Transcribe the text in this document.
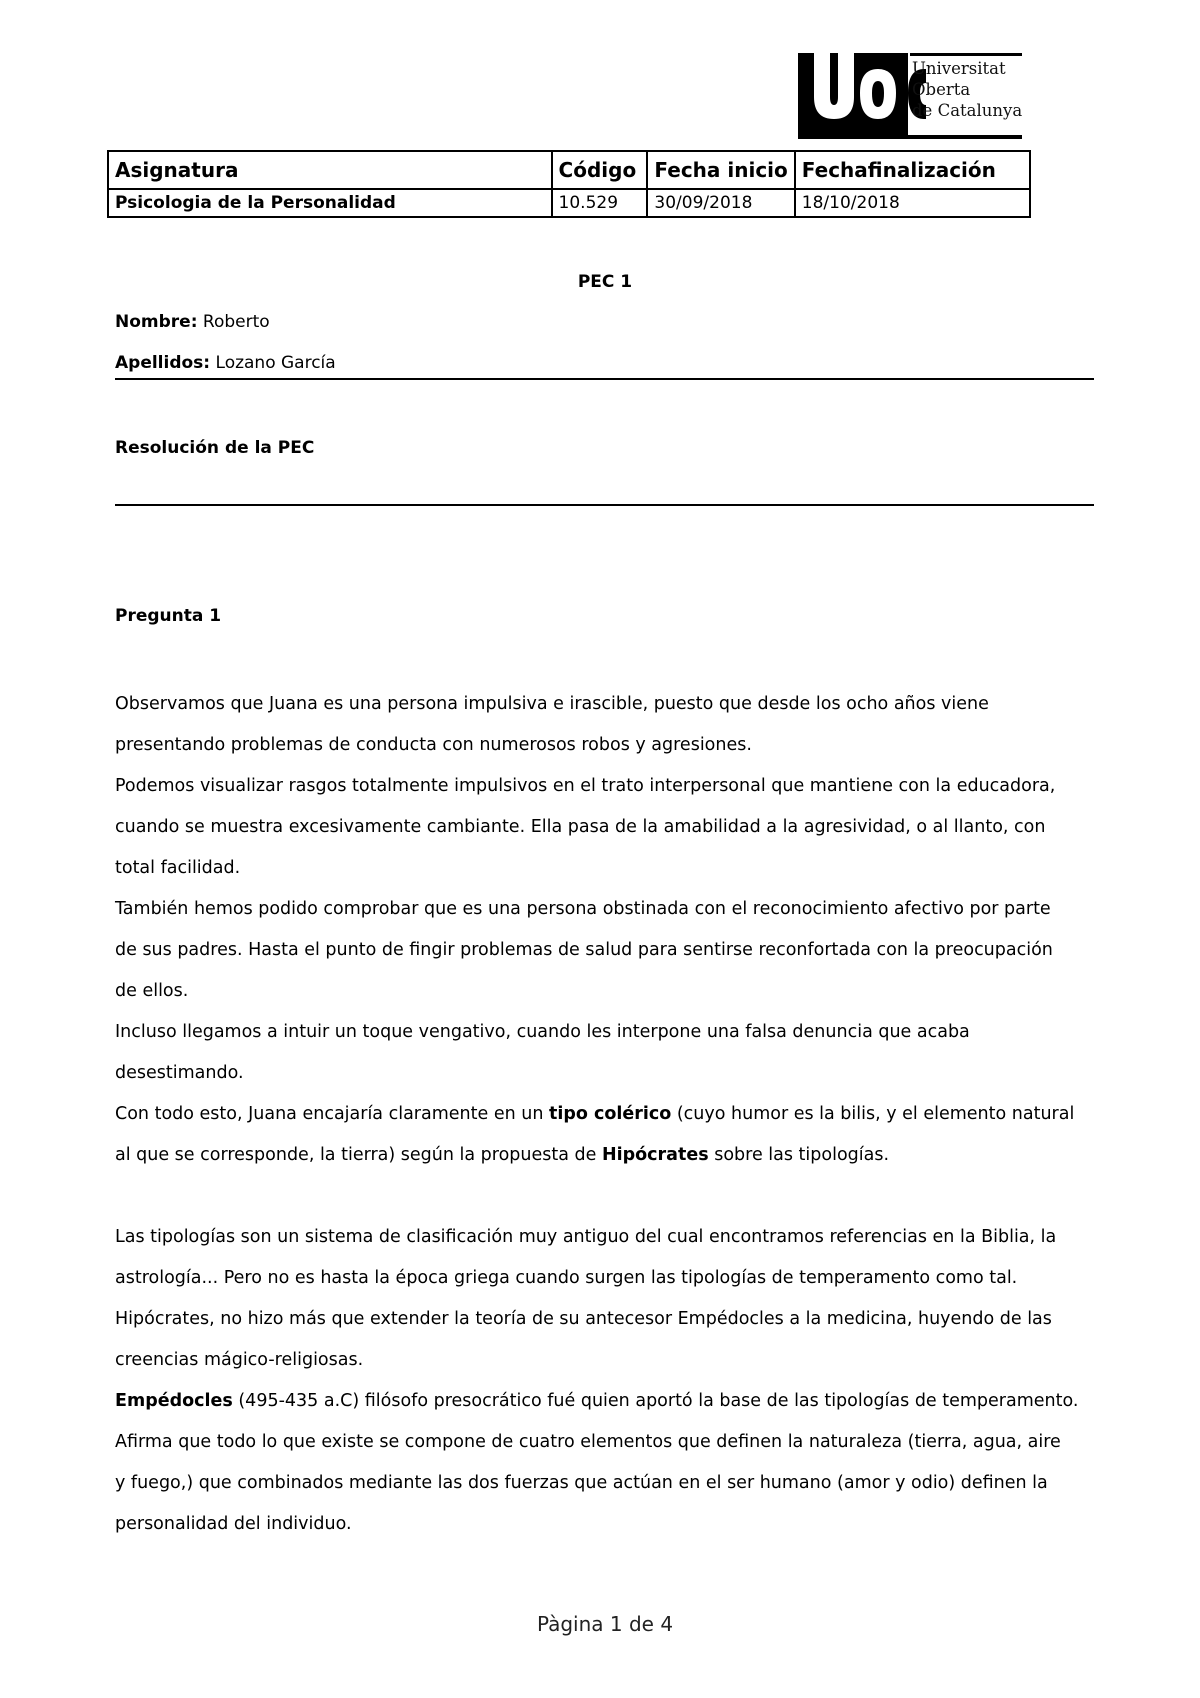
Universitat
Oberta
de Catalunya
Asignatura	Código	Fecha inicio	Fechafinalización
Psicologia de la Personalidad	10.529	30/09/2018	18/10/2018
PEC 1
Nombre: Roberto
Apellidos: Lozano García
Resolución de la PEC
Pregunta 1

Observamos que Juana es una persona impulsiva e irascible, puesto que desde los ocho años viene
presentando problemas de conducta con numerosos robos y agresiones.

Podemos visualizar rasgos totalmente impulsivos en el trato interpersonal que mantiene con la educadora,
cuando se muestra excesivamente cambiante. Ella pasa de la amabilidad a la agresividad, o al llanto, con
total facilidad.

También hemos podido comprobar que es una persona obstinada con el reconocimiento afectivo por parte
de sus padres. Hasta el punto de fingir problemas de salud para sentirse reconfortada con la preocupación
de ellos.

Incluso llegamos a intuir un toque vengativo, cuando les interpone una falsa denuncia que acaba
desestimando.

Con todo esto, Juana encajaría claramente en un tipo colérico (cuyo humor es la bilis, y el elemento natural
al que se corresponde, la tierra) según la propuesta de Hipócrates sobre las tipologías.

Las tipologías son un sistema de clasificación muy antiguo del cual encontramos referencias en la Biblia, la
astrología... Pero no es hasta la época griega cuando surgen las tipologías de temperamento como tal.
Hipócrates, no hizo más que extender la teoría de su antecesor Empédocles a la medicina, huyendo de las
creencias mágico-religiosas.

Empédocles (495-435 a.C) filósofo presocrático fué quien aportó la base de las tipologías de temperamento.
Afirma que todo lo que existe se compone de cuatro elementos que definen la naturaleza (tierra, agua, aire
y fuego,) que combinados mediante las dos fuerzas que actúan en el ser humano (amor y odio) definen la
personalidad del individuo.

Pàgina 1 de 4
